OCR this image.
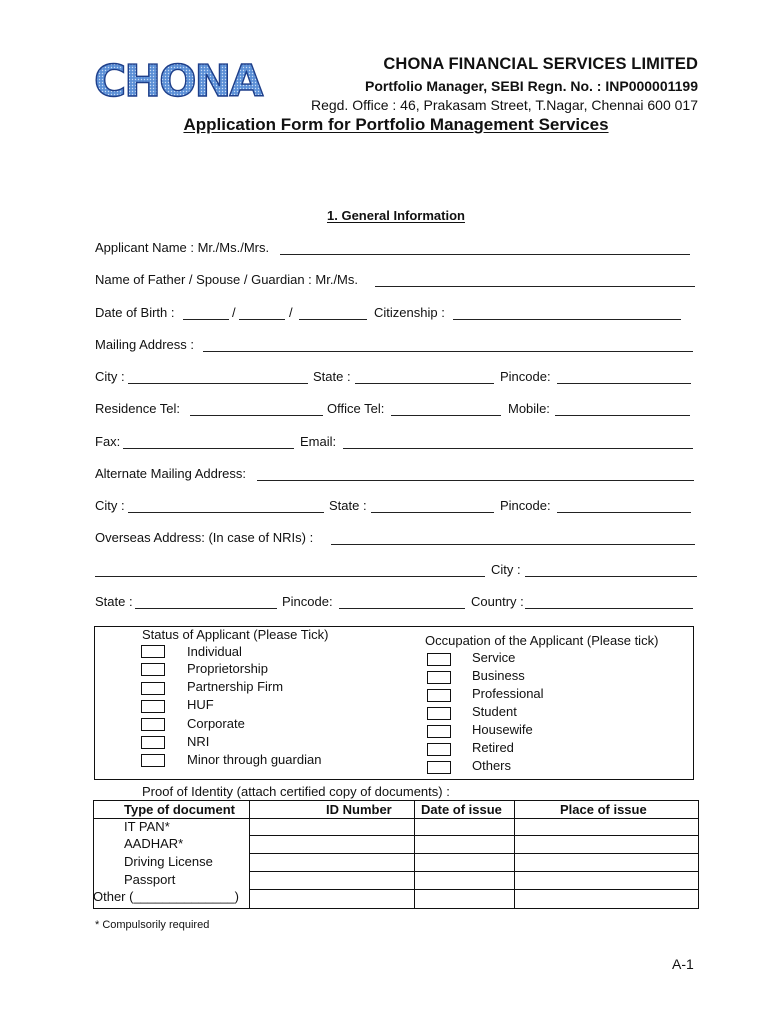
CHONA	CHONA FINANCIAL SERVICES LIMITED
Portfolio Manager, SEBI Regn. No. : INP000001199
Regd. Office : 46, Prakasam Street, T.Nagar, Chennai 600 017
Application Form for Portfolio Management Services
1. General Information
Applicant Name : Mr./Ms./Mrs.
Name of Father / Spouse / Guardian : Mr./Ms.
Date of Birth :	/	/	Citizenship :
Mailing Address :
City :	State :	Pincode:
Residence Tel:	Office Tel:	Mobile:
Fax:	Email:
Alternate Mailing Address:
City :	State :	Pincode:
Overseas Address: (In case of NRIs) :
City :
State :	Pincode:	Country :
Status of Applicant (Please Tick)	Occupation of the Applicant (Please tick)
Individual
Proprietorship
Partnership Firm
HUF
Corporate
NRI
Minor through guardian
Service
Business
Professional
Student
Housewife
Retired
Others
Proof of Identity (attach certified copy of documents) :
Type of document	ID Number Date of issue	Place of issue
IT PAN*
AADHAR*
Driving License
Passport
Other (______________)
* Compulsorily required
A-1
